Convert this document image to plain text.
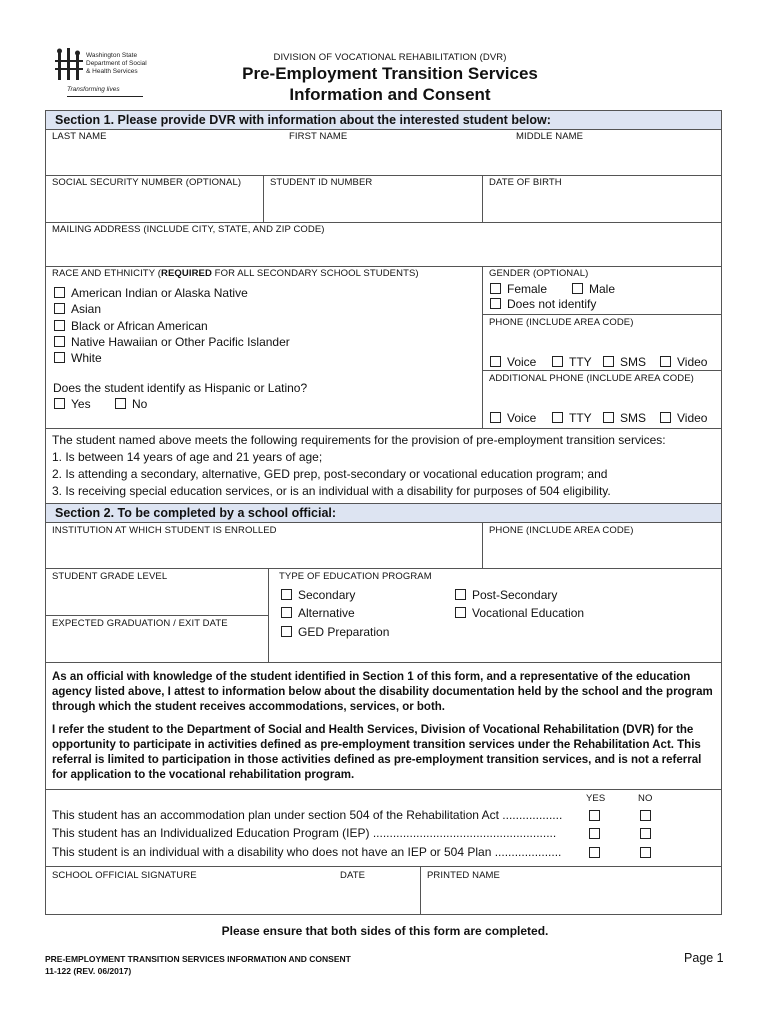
Washington State
Department of Social
& Health Services
Transforming lives
DIVISION OF VOCATIONAL REHABILITATION (DVR)
Pre-Employment Transition Services
Information and Consent
Section 1. Please provide DVR with information about the interested student below:
LAST NAME	FIRST NAME	MIDDLE NAME
SOCIAL SECURITY NUMBER (OPTIONAL)	STUDENT ID NUMBER	DATE OF BIRTH
MAILING ADDRESS (INCLUDE CITY, STATE, AND ZIP CODE)
RACE AND ETHNICITY (REQUIRED FOR ALL SECONDARY SCHOOL STUDENTS)
American Indian or Alaska Native
Asian
Black or African American
Native Hawaiian or Other Pacific Islander
White
Does the student identify as Hispanic or Latino?
Yes	No
GENDER (OPTIONAL)
Female	Male
Does not identify
PHONE (INCLUDE AREA CODE)
Voice	TTY	SMS	Video
ADDITIONAL PHONE (INCLUDE AREA CODE)
Voice	TTY	SMS	Video
The student named above meets the following requirements for the provision of pre-employment transition services:
1. Is between 14 years of age and 21 years of age;
2. Is attending a secondary, alternative, GED prep, post-secondary or vocational education program; and
3. Is receiving special education services, or is an individual with a disability for purposes of 504 eligibility.
Section 2. To be completed by a school official:
INSTITUTION AT WHICH STUDENT IS ENROLLED	PHONE (INCLUDE AREA CODE)
STUDENT GRADE LEVEL
EXPECTED GRADUATION / EXIT DATE
TYPE OF EDUCATION PROGRAM
Secondary
Alternative
GED Preparation
Post-Secondary
Vocational Education
As an official with knowledge of the student identified in Section 1 of this form, and a representative of the education agency listed above, I attest to information below about the disability documentation held by the school and the program through which the student receives accommodations, services, or both.
I refer the student to the Department of Social and Health Services, Division of Vocational Rehabilitation (DVR) for the opportunity to participate in activities defined as pre-employment transition services under the Rehabilitation Act. This referral is limited to participation in those activities defined as pre-employment transition services, and is not a referral for application to the vocational rehabilitation program.
YES	NO
This student has an accommodation plan under section 504 of the Rehabilitation Act ..................
This student has an Individualized Education Program (IEP) .......................................................
This student is an individual with a disability who does not have an IEP or 504 Plan ....................
SCHOOL OFFICIAL SIGNATURE	DATE	PRINTED NAME
Please ensure that both sides of this form are completed.
PRE-EMPLOYMENT TRANSITION SERVICES INFORMATION AND CONSENT
11-122 (REV. 06/2017)
Page 1
